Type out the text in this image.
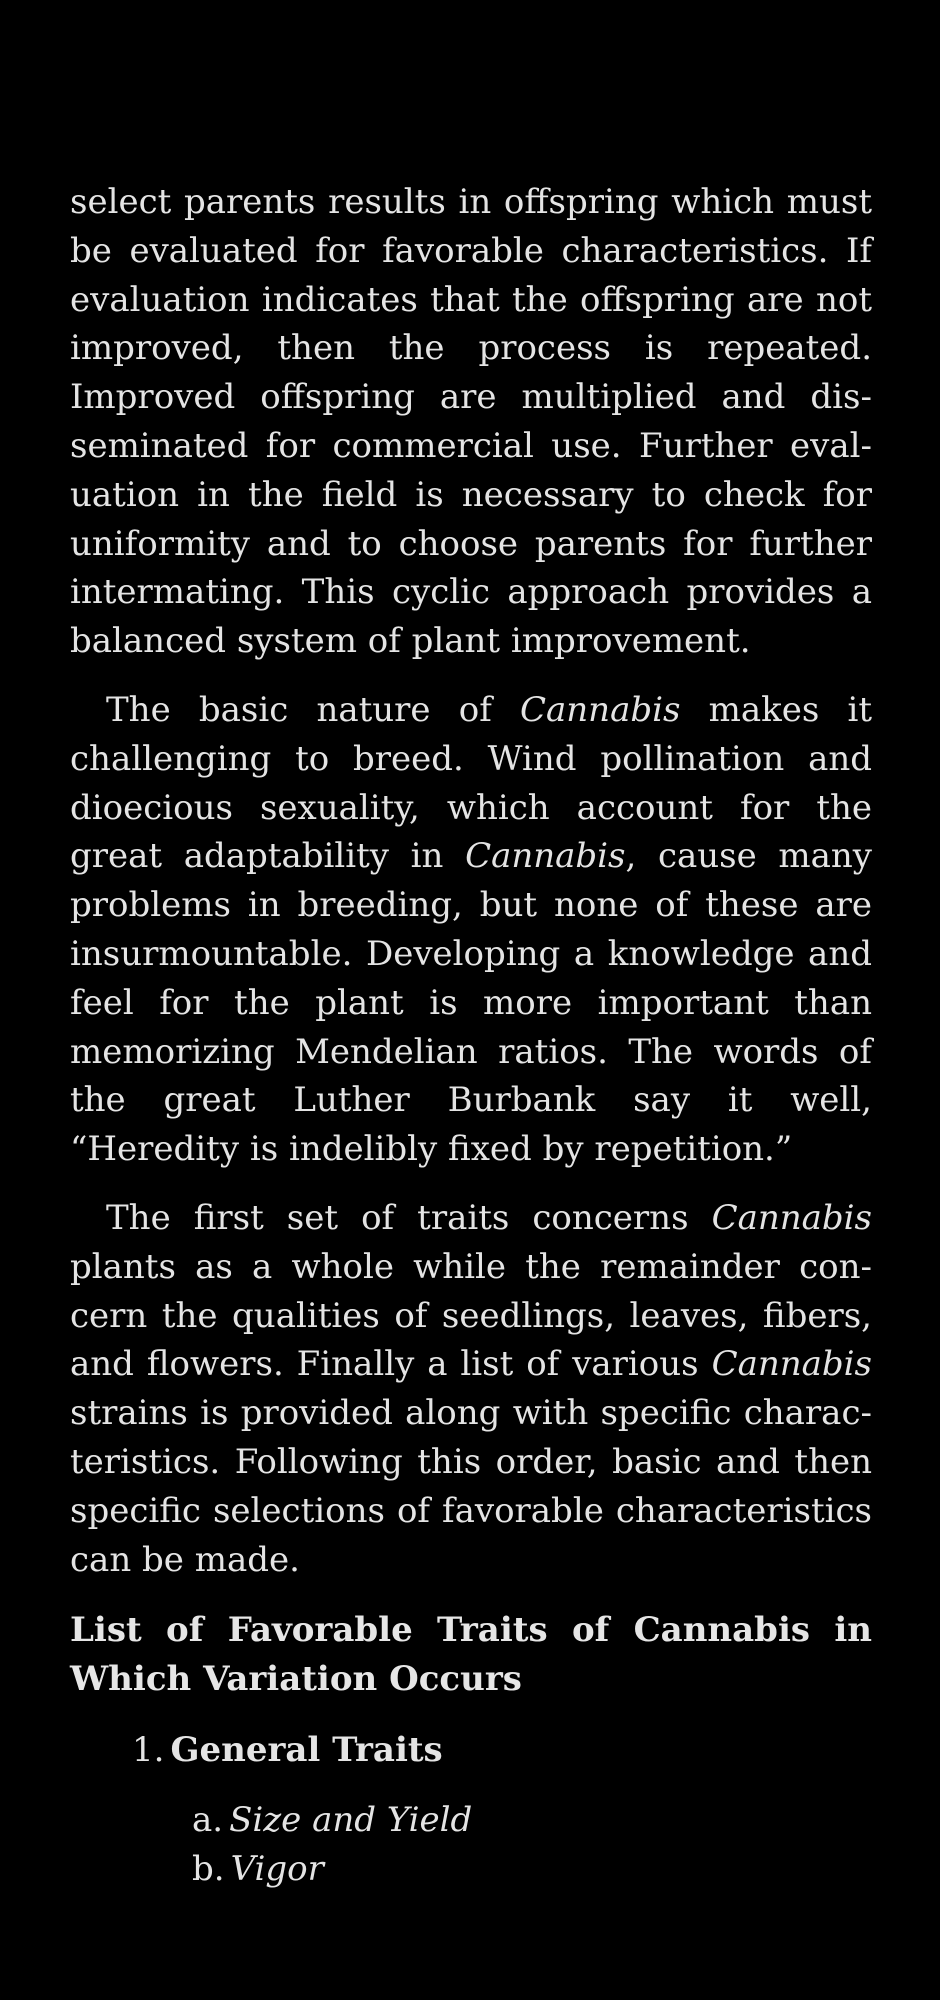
select parents results in offspring which must be evaluated for favorable characteristics. If evaluation indicates that the offspring are not improved, then the process is repeated. Improved offspring are multiplied and disseminated for commercial use. Further evaluation in the field is necessary to check for uniformity and to choose parents for further intermating. This cyclic approach provides a balanced system of plant improvement.

The basic nature of Cannabis makes it challenging to breed. Wind pollination and dioecious sexuality, which account for the great adaptability in Cannabis, cause many problems in breeding, but none of these are insurmountable. Developing a knowledge and feel for the plant is more important than memorizing Mendelian ratios. The words of the great Luther Burbank say it well, “Heredity is indelibly fixed by repetition.”

The first set of traits concerns Cannabis plants as a whole while the remainder concern the qualities of seedlings, leaves, fibers, and flowers. Finally a list of various Cannabis strains is provided along with specific characteristics. Following this order, basic and then specific selections of favorable characteristics can be made.

List of Favorable Traits of Cannabis in Which Variation Occurs
1. General Traits
a. Size and Yield
b. Vigor
